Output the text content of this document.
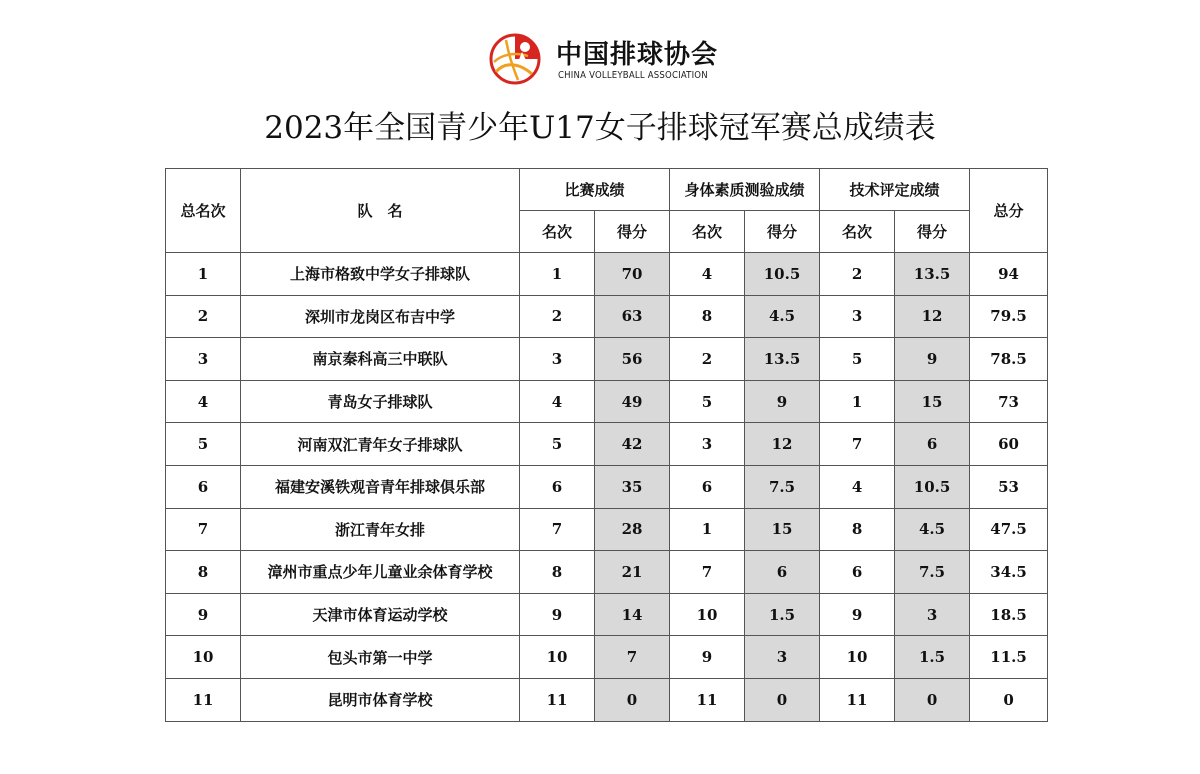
中国排球协会
CHINA VOLLEYBALL ASSOCIATION
2023年全国青少年U17女子排球冠军赛总成绩表
总名次	队　名	比赛成绩		身体素质测验成绩		技术评定成绩		总分
		名次	得分	名次	得分	名次	得分	
1	上海市格致中学女子排球队	1	70	4	10.5	2	13.5	94
2	深圳市龙岗区布吉中学	2	63	8	4.5	3	12	79.5
3	南京秦科高三中联队	3	56	2	13.5	5	9	78.5
4	青岛女子排球队	4	49	5	9	1	15	73
5	河南双汇青年女子排球队	5	42	3	12	7	6	60
6	福建安溪铁观音青年排球俱乐部	6	35	6	7.5	4	10.5	53
7	浙江青年女排	7	28	1	15	8	4.5	47.5
8	漳州市重点少年儿童业余体育学校	8	21	7	6	6	7.5	34.5
9	天津市体育运动学校	9	14	10	1.5	9	3	18.5
10	包头市第一中学	10	7	9	3	10	1.5	11.5
11	昆明市体育学校	11	0	11	0	11	0	0
